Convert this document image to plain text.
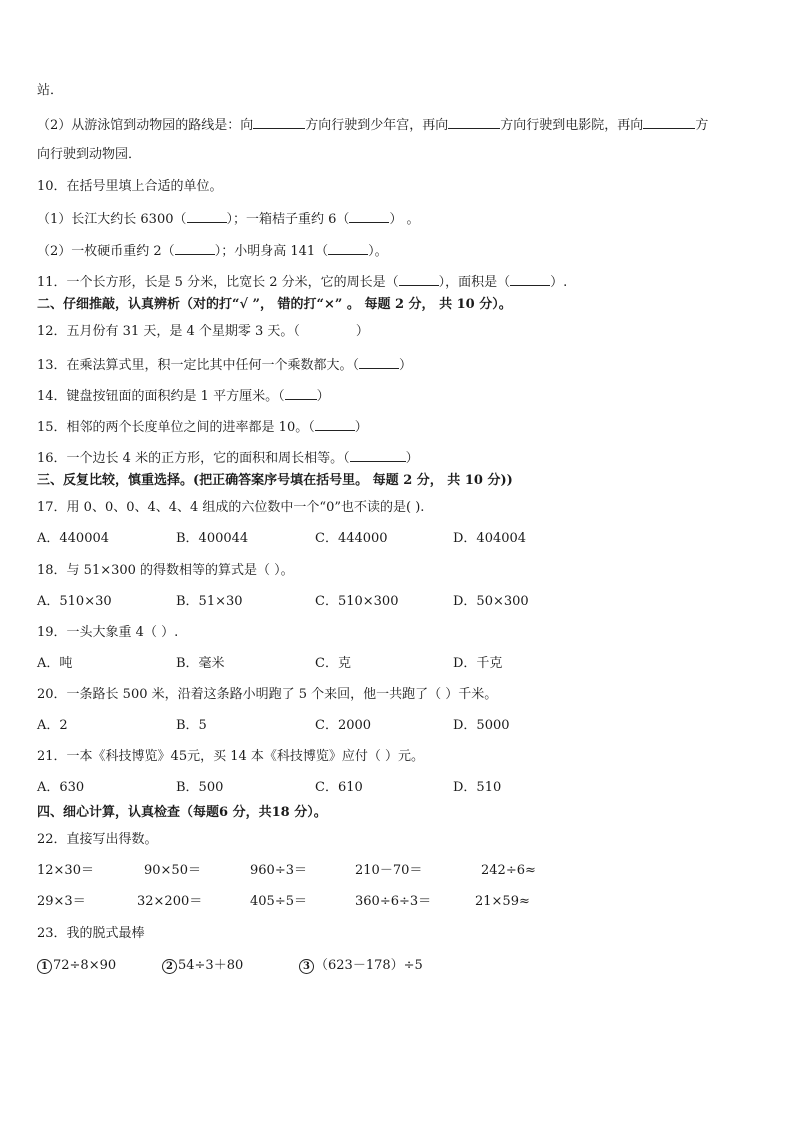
站．
（2）从游泳馆到动物园的路线是：向	方向行驶到少年宫，再向	方向行驶到电影院，再向	方
向行驶到动物园．
10．在括号里填上合适的单位。
（1）长江大约长 6300（	）；一箱桔子重约 6（	） 。
（2）一枚硬币重约 2（	）；小明身高 141（	）。
11．一个长方形，长是 5 分米，比宽长 2 分米，它的周长是（	），面积是（	）.
二、仔细推敲，认真辨析（对的打“√ ”， 错的打“×” 。 每题 2 分， 共 10 分）。
12．五月份有 31 天，是 4 个星期零 3 天。（	）
13．在乘法算式里，积一定比其中任何一个乘数都大。（	）
14．键盘按钮面的面积约是 1 平方厘米。（ ）
15．相邻的两个长度单位之间的进率都是 10。（	）
16．一个边长 4 米的正方形，它的面积和周长相等。（	）
三、反复比较，慎重选择。(把正确答案序号填在括号里。 每题 2 分， 共 10 分))
17．用 0、0、0、4、4、4 组成的六位数中一个“0”也不读的是( ).
A．440004	B．400044	C．444000	D．404004
18．与 51×300 的得数相等的算式是（ ）。
A．510×30	B．51×30	C．510×300	D．50×300
19．一头大象重 4（ ）.
A．吨	B．毫米	C．克	D．千克
20．一条路长 500 米，沿着这条路小明跑了 5 个来回，他一共跑了（ ）千米。
A．2	B．5	C．2000	D．5000
21．一本《科技博览》45元，买 14 本《科技博览》应付（ ）元。
A．630	B．500	C．610	D．510
四、细心计算，认真检查（每题6 分，共18 分）。
22．直接写出得数。
12×30＝	90×50＝	960÷3＝	210－70＝	242÷6≈
29×3＝	32×200＝	405÷5＝	360÷6÷3＝	21×59≈
23．我的脱式最棒
1 72÷8×90	2 54÷3＋80	3 （623－178）÷5
